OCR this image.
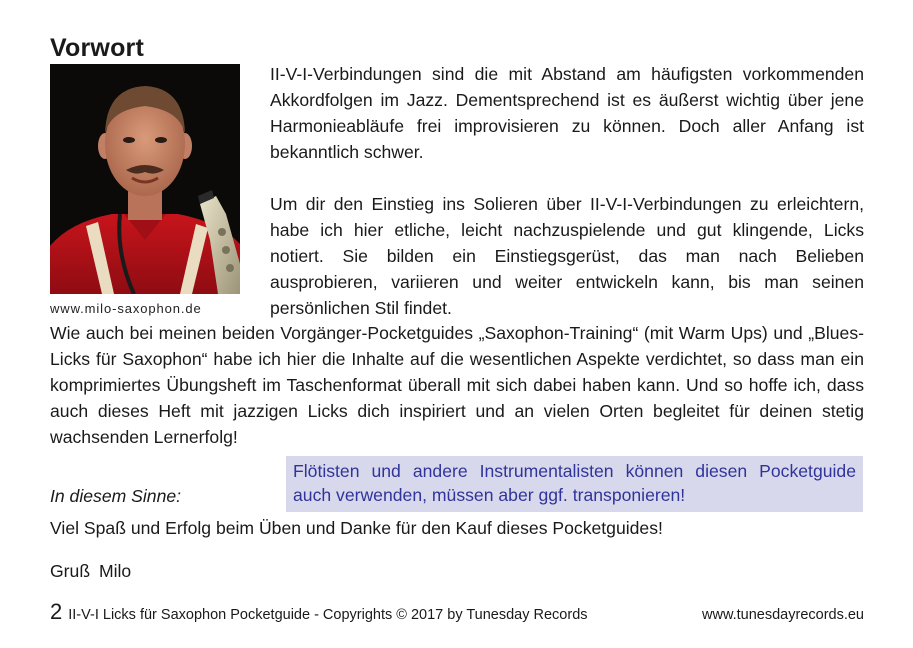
Vorwort
www.milo-saxophon.de

II-V-I-Verbindungen sind die mit Abstand am häufigsten vorkommenden Akkordfolgen im Jazz. Dementsprechend ist es äußerst wichtig über jene Harmonieabläufe frei improvisieren zu können. Doch aller Anfang ist bekanntlich schwer.

Um dir den Einstieg ins Solieren über II-V-I-Verbindungen zu erleichtern, habe ich hier etliche, leicht nachzuspielende und gut klingende, Licks notiert. Sie bilden ein Einstiegsgerüst, das man nach Belieben ausprobieren, variieren und weiter entwickeln kann, bis man seinen persönlichen Stil findet.

Wie auch bei meinen beiden Vorgänger-Pocketguides „Saxophon-Training“ (mit Warm Ups) und „Blues-Licks für Saxophon“ habe ich hier die Inhalte auf die wesentlichen Aspekte verdichtet, so dass man ein komprimiertes Übungsheft im Taschenformat überall mit sich dabei haben kann. Und so hoffe ich, dass auch dieses Heft mit jazzigen Licks dich inspiriert und an vielen Orten begleitet für deinen stetig wachsenden Lernerfolg!

Flötisten und andere Instrumentalisten können diesen Pocketguide auch verwenden, müssen aber ggf. transponieren!

In diesem Sinne:
Viel Spaß und Erfolg beim Üben und Danke für den Kauf dieses Pocketguides!
Gruß Milo
2 II-V-I Licks für Saxophon Pocketguide - Copyrights © 2017 by Tunesday Records	www.tunesdayrecords.eu
